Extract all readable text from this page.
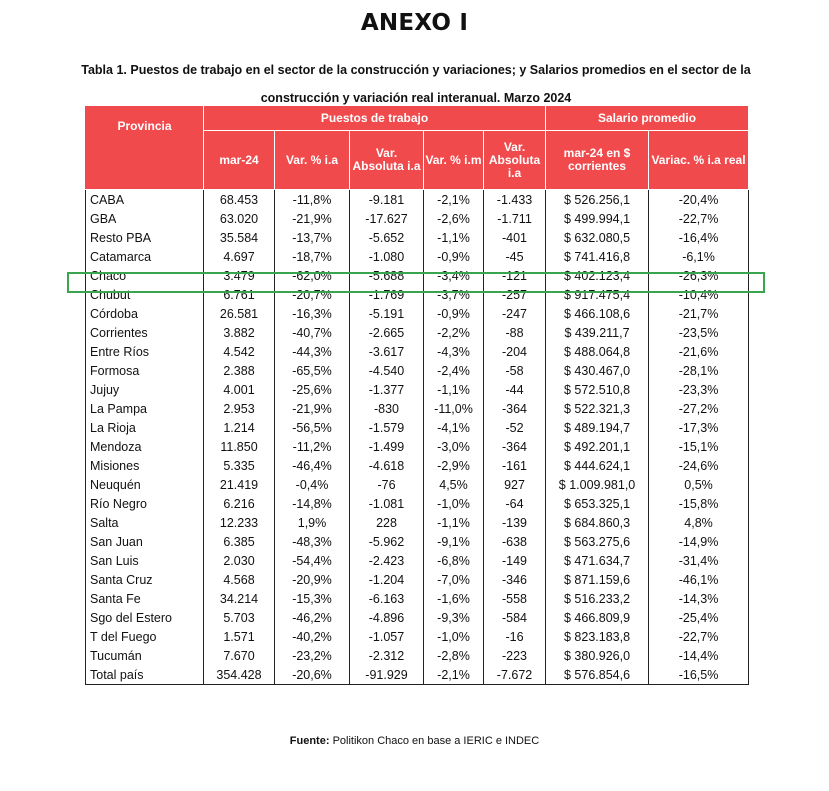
ANEXO I
Tabla 1. Puestos de trabajo en el sector de la construcción y variaciones; y Salarios promedios en el sector de la construcción y variación real interanual. Marzo 2024
Provincia	Puestos de trabajo					Salario promedio	
	mar-24	Var. % i.a	Var. Absoluta i.a	Var. % i.m	Var. Absoluta i.a	mar-24 en $ corrientes	Variac. % i.a real
CABA	68.453	-11,8%	-9.181	-2,1%	-1.433	$ 526.256,1	-20,4%
GBA	63.020	-21,9%	-17.627	-2,6%	-1.711	$ 499.994,1	-22,7%
Resto PBA	35.584	-13,7%	-5.652	-1,1%	-401	$ 632.080,5	-16,4%
Catamarca	4.697	-18,7%	-1.080	-0,9%	-45	$ 741.416,8	-6,1%
Chaco	3.479	-62,0%	-5.688	-3,4%	-121	$ 402.123,4	-26,3%
Chubut	6.761	-20,7%	-1.769	-3,7%	-257	$ 917.475,4	-10,4%
Córdoba	26.581	-16,3%	-5.191	-0,9%	-247	$ 466.108,6	-21,7%
Corrientes	3.882	-40,7%	-2.665	-2,2%	-88	$ 439.211,7	-23,5%
Entre Ríos	4.542	-44,3%	-3.617	-4,3%	-204	$ 488.064,8	-21,6%
Formosa	2.388	-65,5%	-4.540	-2,4%	-58	$ 430.467,0	-28,1%
Jujuy	4.001	-25,6%	-1.377	-1,1%	-44	$ 572.510,8	-23,3%
La Pampa	2.953	-21,9%	-830	-11,0%	-364	$ 522.321,3	-27,2%
La Rioja	1.214	-56,5%	-1.579	-4,1%	-52	$ 489.194,7	-17,3%
Mendoza	11.850	-11,2%	-1.499	-3,0%	-364	$ 492.201,1	-15,1%
Misiones	5.335	-46,4%	-4.618	-2,9%	-161	$ 444.624,1	-24,6%
Neuquén	21.419	-0,4%	-76	4,5%	927	$ 1.009.981,0	0,5%
Río Negro	6.216	-14,8%	-1.081	-1,0%	-64	$ 653.325,1	-15,8%
Salta	12.233	1,9%	228	-1,1%	-139	$ 684.860,3	4,8%
San Juan	6.385	-48,3%	-5.962	-9,1%	-638	$ 563.275,6	-14,9%
San Luis	2.030	-54,4%	-2.423	-6,8%	-149	$ 471.634,7	-31,4%
Santa Cruz	4.568	-20,9%	-1.204	-7,0%	-346	$ 871.159,6	-46,1%
Santa Fe	34.214	-15,3%	-6.163	-1,6%	-558	$ 516.233,2	-14,3%
Sgo del Estero	5.703	-46,2%	-4.896	-9,3%	-584	$ 466.809,9	-25,4%
T del Fuego	1.571	-40,2%	-1.057	-1,0%	-16	$ 823.183,8	-22,7%
Tucumán	7.670	-23,2%	-2.312	-2,8%	-223	$ 380.926,0	-14,4%
Total país	354.428	-20,6%	-91.929	-2,1%	-7.672	$ 576.854,6	-16,5%
Fuente: Politikon Chaco en base a IERIC e INDEC
